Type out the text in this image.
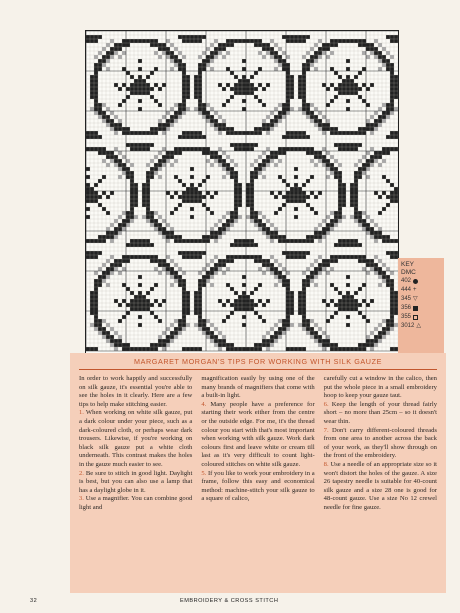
KEY
DMC
402
444 +
345 ▽
356
355
3012 △
MARGARET MORGAN'S TIPS FOR WORKING WITH SILK GAUZE

In order to work happily and successfully on silk gauze, it's essential you're able to see the holes in it clearly. Here are a few tips to help make stitching easier.

1. When working on white silk gauze, put a dark colour under your piece, such as a dark-coloured cloth, or perhaps wear dark trousers. Likewise, if you're working on black silk gauze put a white cloth underneath. This contrast makes the holes in the gauze much easier to see.

2. Be sure to stitch in good light. Daylight is best, but you can also use a lamp that has a daylight globe in it.

3. Use a magnifier. You can combine good light and

magnification easily by using one of the many brands of magnifiers that come with a built-in light.

4. Many people have a preference for starting their work either from the centre or the outside edge. For me, it's the thread colour you start with that's most important when working with silk gauze. Work dark colours first and leave white or cream till last as it's very difficult to count light-coloured stitches on white silk gauze.

5. If you like to work your embroidery in a frame, follow this easy and economical method: machine-stitch your silk gauze to a square of calico,

carefully cut a window in the calico, then put the whole piece in a small embroidery hoop to keep your gauze taut.

6. Keep the length of your thread fairly short – no more than 25cm – so it doesn't wear thin.

7. Don't carry different-coloured threads from one area to another across the back of your work, as they'll show through on the front of the embroidery.

8. Use a needle of an appropriate size so it won't distort the holes of the gauze. A size 26 tapestry needle is suitable for 40-count silk gauze and a size 28 one is good for 48-count gauze. Use a size No 12 crewel needle for fine gauze.

32	EMBROIDERY & CROSS STITCH
